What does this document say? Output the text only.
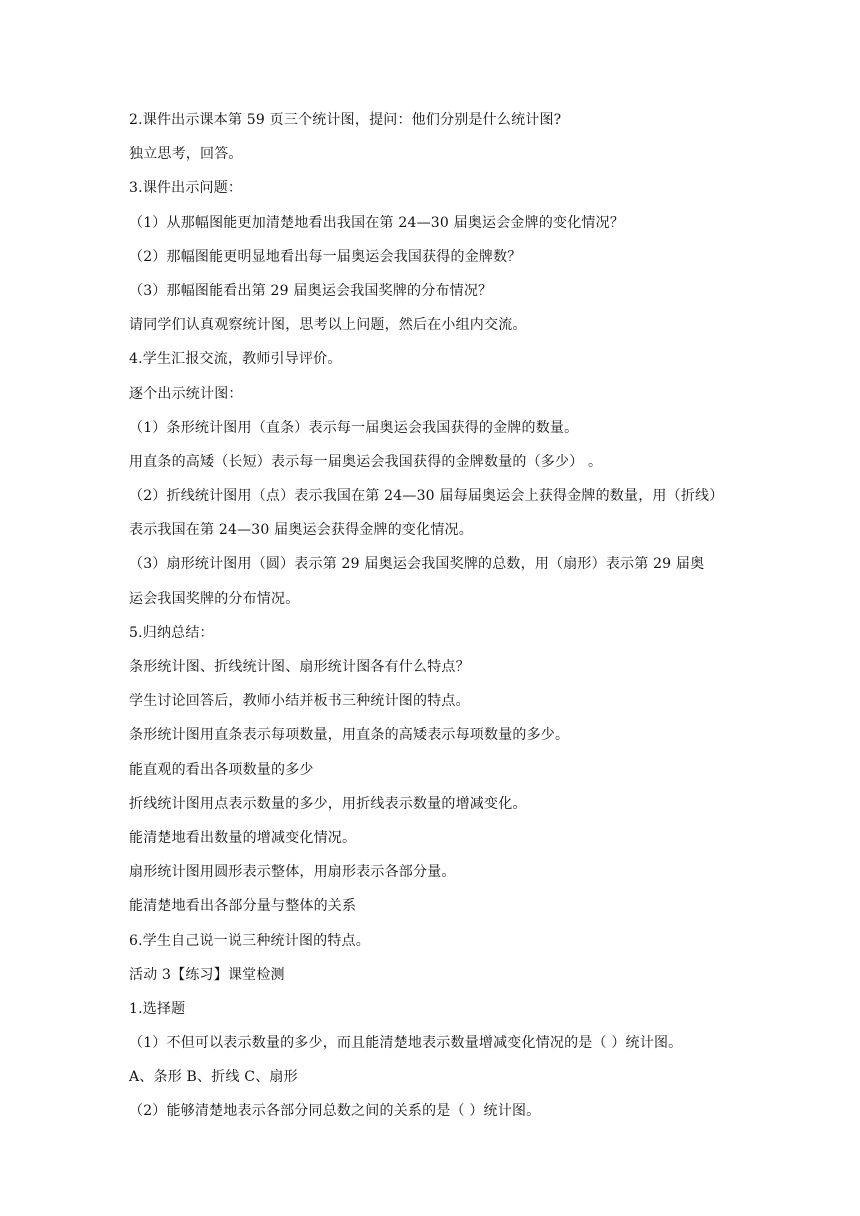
2.课件出示课本第 59 页三个统计图，提问：他们分别是什么统计图?
独立思考，回答。
3.课件出示问题：
（1）从那幅图能更加清楚地看出我国在第 24—30 届奥运会金牌的变化情况？
（2）那幅图能更明显地看出每一届奥运会我国获得的金牌数？
（3）那幅图能看出第 29 届奥运会我国奖牌的分布情况？
请同学们认真观察统计图，思考以上问题，然后在小组内交流。
4.学生汇报交流，教师引导评价。
逐个出示统计图：
（1）条形统计图用（直条）表示每一届奥运会我国获得的金牌的数量。
用直条的高矮（长短）表示每一届奥运会我国获得的金牌数量的（多少） 。
（2）折线统计图用（点）表示我国在第 24—30 届每届奥运会上获得金牌的数量，用（折线）
表示我国在第 24—30 届奥运会获得金牌的变化情况。
（3）扇形统计图用（圆）表示第 29 届奥运会我国奖牌的总数，用（扇形）表示第 29 届奥
运会我国奖牌的分布情况。
5.归纳总结：
条形统计图、折线统计图、扇形统计图各有什么特点？
学生讨论回答后，教师小结并板书三种统计图的特点。
条形统计图用直条表示每项数量，用直条的高矮表示每项数量的多少。
能直观的看出各项数量的多少
折线统计图用点表示数量的多少，用折线表示数量的增减变化。
能清楚地看出数量的增减变化情况。
扇形统计图用圆形表示整体，用扇形表示各部分量。
能清楚地看出各部分量与整体的关系
6.学生自己说一说三种统计图的特点。
活动 3【练习】课堂检测
1.选择题
（1）不但可以表示数量的多少，而且能清楚地表示数量增减变化情况的是（ ）统计图。
A、条形 B、折线 C、扇形
（2）能够清楚地表示各部分同总数之间的关系的是（ ）统计图。
